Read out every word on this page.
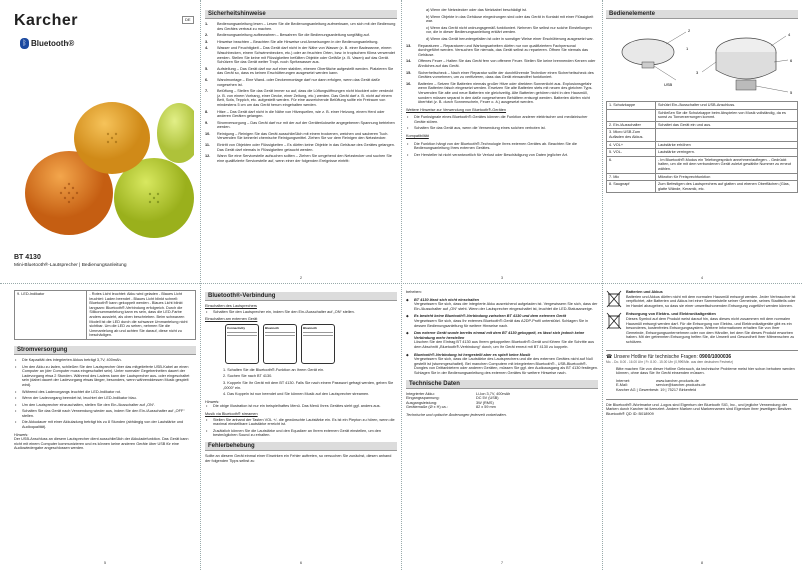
Karcher	DE
ᛒ Bluetooth®
BT 4130
Mini-Bluetooth®-Lautsprecher | Bedienungsanleitung
Sicherheitshinweise
1. Bedienungsanleitung lesen – Lesen Sie die Bedienungsanleitung aufmerksam, um sich mit der Bedienung des Gerätes vertraut zu machen.
2. Bedienungsanleitung aufbewahren – Bewahren Sie die Bedienungsanleitung sorgfältig auf.
3. Hinweise beachten – Beachten Sie alle Hinweise und Anweisungen in der Bedienungsanleitung.
4. Wasser und Feuchtigkeit – Das Gerät darf nicht in der Nähe von Wasser (z. B. einer Badewanne, einem Waschbecken, einem Schwimmbecken, etc.) oder an feuchten Orten, bzw. in tropischem Klima verwendet werden. Stellen Sie keine mit Flüssigkeiten befüllten Objekte oder Gefäße (z. B. Vasen) auf das Gerät. Schützen Sie das Gerät weiter Tropf- noch Spritzwasser aus.
5. Aufstellung – Das Gerät darf nur auf einer stabilen, ebenen Oberfläche aufgestellt werden. Platzieren Sie das Gerät so, dass es keinen Erschütterungen ausgesetzt werden kann.
6. Wandmontage – Eine Wand- oder Deckenmontage darf nur dann erfolgen, wenn das Gerät dafür vorgesehen ist.
7. Belüftung – Stellen Sie das Gerät immer so auf, dass die Lüftungsöffnungen nicht blockiert oder verdeckt (z. B. von einem Vorhang, einer Decke, einer Zeitung, etc.) werden. Das Gerät darf z. B. nicht auf einem Bett, Sofa, Teppich, etc. aufgestellt werden. Für eine ausreichende Belüftung sollte ein Freiraum von mindestens 5 cm um das Gerät herum eingehalten werden.
8. Hitze – Das Gerät darf nicht in die Nähe von Hitzequellen, wie z. B. einer Heizung, einem Herd oder anderen Geräten gelangen.
9. Stromversorgung – Das Gerät darf nur mit der auf der Geräterückseite angegebenen Spannung betrieben werden.
10. Reinigung – Reinigen Sie das Gerät ausschließlich mit einem trockenen, weichen und sauberen Tuch. Verwenden Sie keinerlei chemische Reinigungsmittel. Ziehen Sie vor dem Reinigen den Netzstecker.
11. Eintritt von Objekten oder Flüssigkeiten – Es dürfen keine Objekte in das Gehäuse des Gerätes gelangen. Das Gerät darf niemals in Flüssigkeiten getaucht werden.
12. Wann Sie eine Servicestelle aufsuchen sollten – Ziehen Sie umgehend den Netzstecker und suchen Sie eine qualifizierte Servicestelle auf, wenn einer der folgenden Ereignisse eintritt:
2
a) Wenn der Netzstecker oder das Netzkabel beschädigt ist.
b) Wenn Objekte in das Gehäuse eingedrungen sind oder das Gerät in Kontakt mit einer Flüssigkeit war.
c) Wenn das Gerät nicht ordnungsgemäß funktioniert. Nehmen Sie selbst nur solche Einstellungen vor, die in dieser Bedienungsanleitung erklärt werden.
d) Wenn das Gerät heruntergefallen ist oder in sonstiger Weise einer Erschütterung ausgesetzt war.
13. Reparaturen – Reparaturen und Wartungsarbeiten dürfen nur von qualifiziertem Fachpersonal durchgeführt werden. Versuchen Sie niemals, das Gerät selbst zu reparieren. Öffnen Sie niemals das Gehäuse.
14. Offenes Feuer – Halten Sie das Gerät fern von offenem Feuer. Stellen Sie keine brennenden Kerzen oder Ähnliches auf das Gerät.
15. Sicherheitscheck – Nach einer Reparatur sollte der durchführende Techniker einen Sicherheitscheck des Gerätes vornehmen, um zu verifizieren, dass das Gerät einwandfrei funktioniert.
16. Batterien – Setzen Sie Batterien niemals großer Hitze oder direktem Sonnenlicht aus. Explosionsgefahr wenn Batterien falsch eingesetzt werden. Ersetzen Sie alte Batterien stets mit neuen des gleichen Typs. Verwenden Sie alte und neue Batterien nie gleichzeitig. Alte Batterien gehören nicht in den Hausmüll, sondern müssen separat in den dafür vorgesehenen Behältern entsorgt werden. Batterien dürfen nicht überhitzt (z. B. durch Sonnenschein, Feuer o. ä.) ausgesetzt werden.

Weitere Hinweise zur Verwendung von Bluetooth®-Geräten

• Die Funksignale eines Bluetooth®-Gerätes können die Funktion anderer elektrischer und medizinischer Geräte stören.
• Schalten Sie das Gerät aus, wenn die Verwendung eines solchen verboten ist.

Kompatibilität

• Die Funktion hängt von der Bluetooth®-Technologie Ihres externen Gerätes ab. Beachten Sie die Bedienungsanleitung Ihres externen Gerätes.
• Der Hersteller ist nicht verantwortlich für Verlust oder Beschädigung von Daten jeglicher Art.
3
Bedienelemente
2
USB
1
4
6
3
5
1. Schutzkappe	Schützt Ein-/Ausschalter und USB-Anschluss.
	Schließen Sie die Schutzkappe beim Abspielen von Musik vollständig, da es sonst zu Tonverzerrungen kommt.
2. Ein-/Ausschalter	Schaltet das Gerät ein und aus.
3. Micro USB Zum Aufladen des Akkus.	
4. VOL+	Lautstärke erhöhen
5. VOL-	Lautstärke verringern.
6.	- Im Bluetooth®-Modus ein Telefongespräch annehmen/auflegen. - Gedrückt halten, um die mit dem verbundenen Gerät zuletzt gewählte Nummer zu erneut wählen.
7. Mic	Mikrofon für Freisprechfunktion
8. Saugnapf	Zum Befestigen des Lautsprechers auf glatten und ebenen Oberflächen (Glas, glatte Wände, Keramik, etc.
4
9. LED-Indikator	- Rotes Licht leuchtet: Akku wird geladen - Blaues Licht leuchtet: Laden beendet - Blaues Licht blinkt schnell: Bluetooth® kann gekoppelt werden - Blaues Licht blinkt langsam: Bluetooth®-Verbindung erfolgreich. Durch die Silikonummantelung kann es sein, dass die LED-Farbe anders aussieht, als oben beschrieben. Beim schwarzen Modell ist die LED durch die schwarze Ummantelung nicht sichtbar. Um die LED zu sehen, nehmen Sie die Ummantelung ab und achten Sie darauf, diese nicht zu beschädigen.
Stromversorgung
• Die Kapazität des integrierten Akkus beträgt 3,7V, 400mAh.
• Um den Akku zu laden, schließen Sie den Lautsprecher über das mitgelieferte USB-Kabel an einen Computer an (der Computer muss eingeschaltet sein). Unter normaler Gegebenheiten dauert der Ladevorgang etwa 2 Stunden. Während des Ladens kann der Lautsprecher aus- oder eingeschaltet sein (dabei dauert der Ladevorgang etwas länger, besonders, wenn währenddessen Musik gespielt wird).
• Während des Ladevorgangs leuchtet die LED-Indikator rot.
• Wenn der Ladevorgang beendet ist, leuchtet der LED-Indikator blau.
• Um den Lautsprecher einzuschalten, stellen Sie den Ein-/Ausschalter auf „ON“.
• Schalten Sie das Gerät nach Verwendung wieder aus, indem Sie den Ein-/Ausschalter auf „OFF“ stellen.
• Die Akkudauer mit einer Akkuladung beträgt bis zu 8 Stunden (abhängig von der Lautstärke und Audioqualität).

Hinweis:

Der USB-Anschluss an diesem Lautsprecher dient ausschließlich der Akkuladefunktion. Das Gerät kann nicht mit einem Computer kommunizieren und es können keine anderen Geräte über USB für eine Audiowiedergabe angeschlossen werden.

5
Bluetooth®-Verbindung

Einschalten des Lautsprechers

• Schalten Sie den Lautsprecher ein, indem Sie den Ein-/Ausschalter auf „ON“ stellen.

Einschalten am externen Gerät

Connectivity	Bluetooth	Bluetooth
1. Schalten Sie die Bluetooth®-Funktion an Ihrem Gerät ein.
2. Suchen Sie nach BT 4130.
3. Koppeln Sie Ihr Gerät mit dem BT 4130. Falls Sie nach einem Passwort gefragt werden, geben Sie „0000“ ein.
4. Das Koppeln ist nun beendet und Sie können Musik auf den Lautsprecher streamen.

Hinweis:

• Die obige Illustration ist nur ein beispielhaftes Menü. Das Menü Ihres Gerätes sieht ggf. anders aus.

Musik via Bluetooth® streamen

• Stellen Sie anhand der Tasten VOL +/- die gewünschte Lautstärke ein. Es ist ein Piepton zu hören, wenn die maximal einstellbare Lautstärke erreicht ist.
• Zusätzlich können Sie die Lautstärke und den Equalizer an Ihrem externen Gerät einstellen, um den bestmöglichen Sound zu erhalten.
Fehlerbehebung

Sollte an diesem Gerät einmal einer Einwirken ein Fehler auftreten, so versuchen Sie zunächst, diesen anhand der folgenden Tipps selbst zu

6

beheben:

◆ BT 4130 lässt sich nicht einschalten
Vergewissern Sie sich, dass der integrierte Akku ausreichend aufgeladen ist. Vergewissern Sie sich, dass der Ein-/Ausschalter auf „ON“ steht. Wenn der Lautsprecher eingeschaltet ist, leuchtet die LED-Statusanzeige.
◆ Es besteht keine Bluetooth®-Verbindung zwischen BT 4130 und dem externen Gerät
Vergewissern Sie sich, dass Ihr externes Bluetooth®-Gerät das A2DP-Profil unterstützt. Schlagen Sie in dessen Bedienungsanleitung für weitere Hinweise nach.
◆ Das externe Gerät wurde bereits einmal mit dem BT 4130 gekoppelt, es lässt sich jedoch keine Verbindung mehr herstellen
Löschen Sie den Eintrag BT 4130 aus Ihrem gekoppelten Bluetooth®-Gerät und führen Sie die Schritte aus dem Abschnitt „Bluetooth®-Verbindung“ durch, um Ihr Gerät erneut mit BT 4130 zu koppeln.
◆ Bluetooth®-Verbindung ist hergestellt aber es spielt keine Musik
Vergewissern Sie sich, dass die Lautstärke des Lautsprechers und die des externen Gerätes nicht auf Null gestellt ist (stummgeschaltet). Bei manchen Computern mit integriertem Bluetooth®-, USB-Bluetooth®-Dongles von Drittanbietern oder anderen Geräten, müssen Sie ggf. den Audioausgang als BT 4130 festlegen. Schlagen Sie in der Bedienungsanleitung des externen Gerätes für weitere Hinweise nach.
Technische Daten
Integrierter Akku:	Li-Ion 3,7V, 400mAh
Eingangsspannung:	DC 5V (USB)
Ausgangsleistung:	3W (RMS)
Gerätemaße (Ø x H) ca.:	82 x 59 mm

Technische und optische Änderungen jederzeit vorbehalten.

7
Batterien und Akkus
Batterien und Akkus dürfen nicht mit dem normalen Hausmüll entsorgt werden. Jeder Verbraucher ist verpflichtet, alte Batterien und Akkus bei einer Sammelstelle seiner Gemeinde, seines Stadtteils oder im Handel abzugeben, so dass sie einer umweltschonenden Entsorgung zugeführt werden können.
Entsorgung von Elektro- und Elektronikaltgeräten
Dieses Symbol auf dem Produkt weist darauf hin, dass dieses nicht zusammen mit dem normalen Hausmüll entsorgt werden darf. Für die Entsorgung von Elektro- und Elektronikaltgeräte gibt es ein besonderes, kostenfreies Entsorgungssystem. Weitere Informationen erhalten Sie von Ihrer Gemeinde, Entsorgungsunternehmen oder von dem Händler, bei dem Sie dieses Produkt erworben haben. Mit der getrennten Entsorgung helfen Sie, die Umwelt und Gesundheit Ihrer Mitmenschen zu schützen.
☎ Unsere Hotline für technische Fragen: 0900/1000036
Mo. - Do. 8.00 - 16.00 Uhr | Fr. 8.00 - 15.00 Uhr (0,99€/Min. aus dem deutschen Festnetz)

Bitte machen Sie von dieser Hotline Gebrauch, da technische Probleme meist hier schon behoben werden können, ohne dass Sie Ihr Gerät einsenden müssen.

Internet:	www.karcher-products.de
E-Mail:	service@karcher-products.de
Karcher AG | Gewerbestr. 19 | 75217 Birkenfeld

Die Bluetooth®-Wortmarke und -Logos sind Eigentum der Bluetooth SIG, Inc., und jegliche Verwendung der Marken durch Karcher ist lizenziert. Andere Marken und Markennamen sind Eigentum ihrer jeweiligen Besitzer. Bluetooth® QD ID: B018909

8
